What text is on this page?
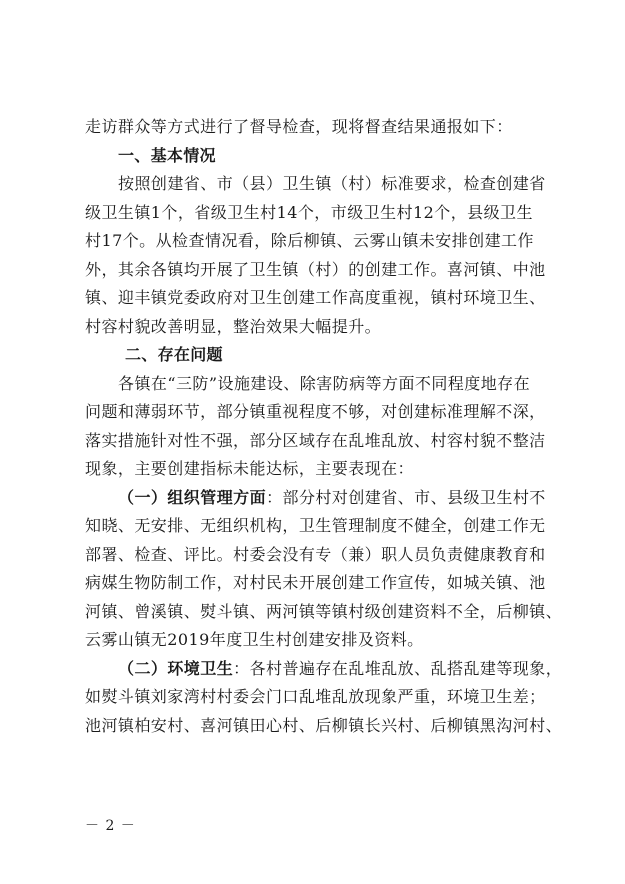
走访群众等方式进行了督导检查，现将督查结果通报如下：
一、基本情况
按照创建省、市（县）卫生镇（村）标准要求，检查创建省
级卫生镇1个，省级卫生村14个，市级卫生村12个，县级卫生
村17个。从检查情况看，除后柳镇、云雾山镇未安排创建工作
外，其余各镇均开展了卫生镇（村）的创建工作。喜河镇、中池
镇、迎丰镇党委政府对卫生创建工作高度重视，镇村环境卫生、
村容村貌改善明显，整治效果大幅提升。
二、存在问题
各镇在“三防”设施建设、除害防病等方面不同程度地存在
问题和薄弱环节，部分镇重视程度不够，对创建标准理解不深，
落实措施针对性不强，部分区域存在乱堆乱放、村容村貌不整洁
现象，主要创建指标未能达标，主要表现在：
（一）组织管理方面：部分村对创建省、市、县级卫生村不
知晓、无安排、无组织机构，卫生管理制度不健全，创建工作无
部署、检查、评比。村委会没有专（兼）职人员负责健康教育和
病媒生物防制工作，对村民未开展创建工作宣传，如城关镇、池
河镇、曾溪镇、熨斗镇、两河镇等镇村级创建资料不全，后柳镇、
云雾山镇无2019年度卫生村创建安排及资料。
（二）环境卫生：各村普遍存在乱堆乱放、乱搭乱建等现象，
如熨斗镇刘家湾村村委会门口乱堆乱放现象严重，环境卫生差；
池河镇柏安村、喜河镇田心村、后柳镇长兴村、后柳镇黑沟河村、
－ 2 －
